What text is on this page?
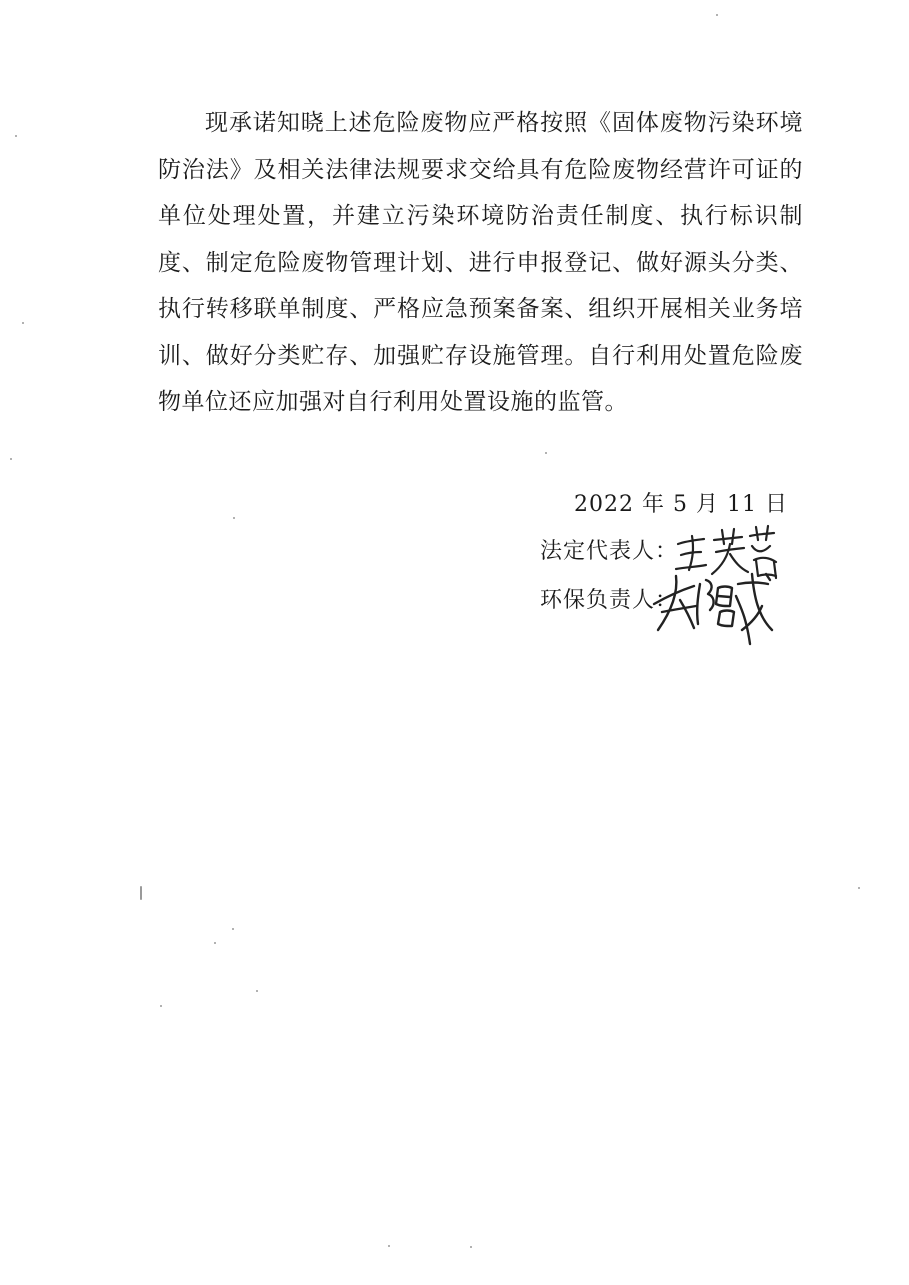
现承诺知晓上述危险废物应严格按照《固体废物污染环境防治法》及相关法律法规要求交给具有危险废物经营许可证的单位处理处置，并建立污染环境防治责任制度、执行标识制度、制定危险废物管理计划、进行申报登记、做好源头分类、执行转移联单制度、严格应急预案备案、组织开展相关业务培训、做好分类贮存、加强贮存设施管理。自行利用处置危险废物单位还应加强对自行利用处置设施的监管。

2022 年 5 月 11 日
法定代表人：
环保负责人：
